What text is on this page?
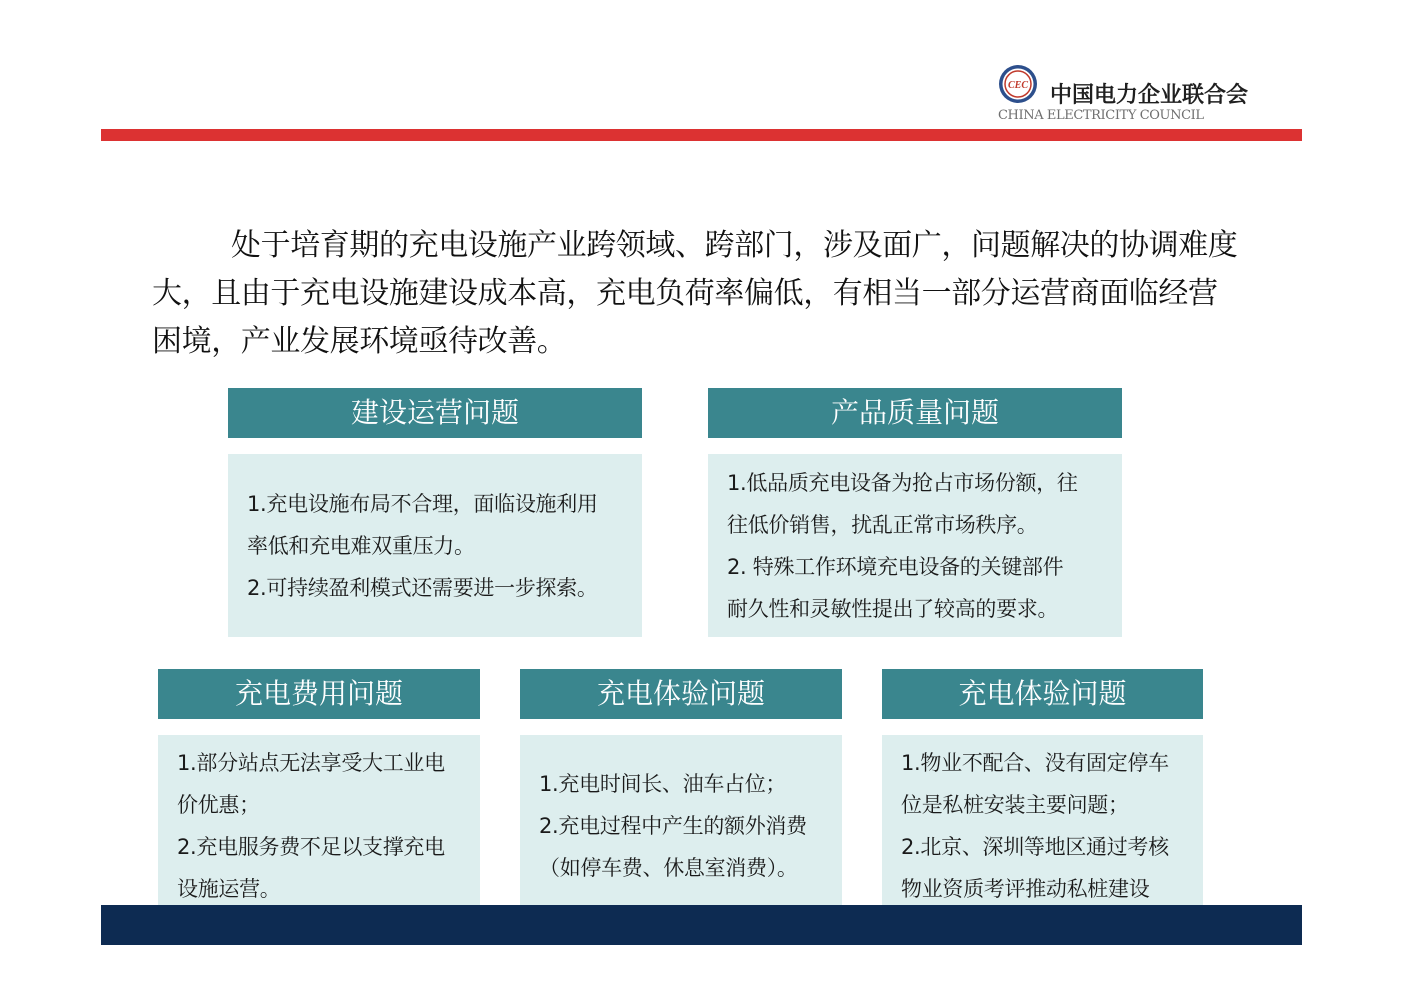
CEC 中国电力企业联合会
CHINA ELECTRICITY COUNCIL
处于培育期的充电设施产业跨领域、跨部门，涉及面广，问题解决的协调难度大，且由于充电设施建设成本高，充电负荷率偏低，有相当一部分运营商面临经营困境，产业发展环境亟待改善。
建设运营问题
1.充电设施布局不合理，面临设施利用
率低和充电难双重压力。
2.可持续盈利模式还需要进一步探索。
产品质量问题
1.低品质充电设备为抢占市场份额，往
往低价销售，扰乱正常市场秩序。
2. 特殊工作环境充电设备的关键部件
耐久性和灵敏性提出了较高的要求。
充电费用问题
1.部分站点无法享受大工业电
价优惠；
2.充电服务费不足以支撑充电
设施运营。
充电体验问题
1.充电时间长、油车占位；
2.充电过程中产生的额外消费
（如停车费、休息室消费）。
充电体验问题
1.物业不配合、没有固定停车
位是私桩安装主要问题；
2.北京、深圳等地区通过考核
物业资质考评推动私桩建设
